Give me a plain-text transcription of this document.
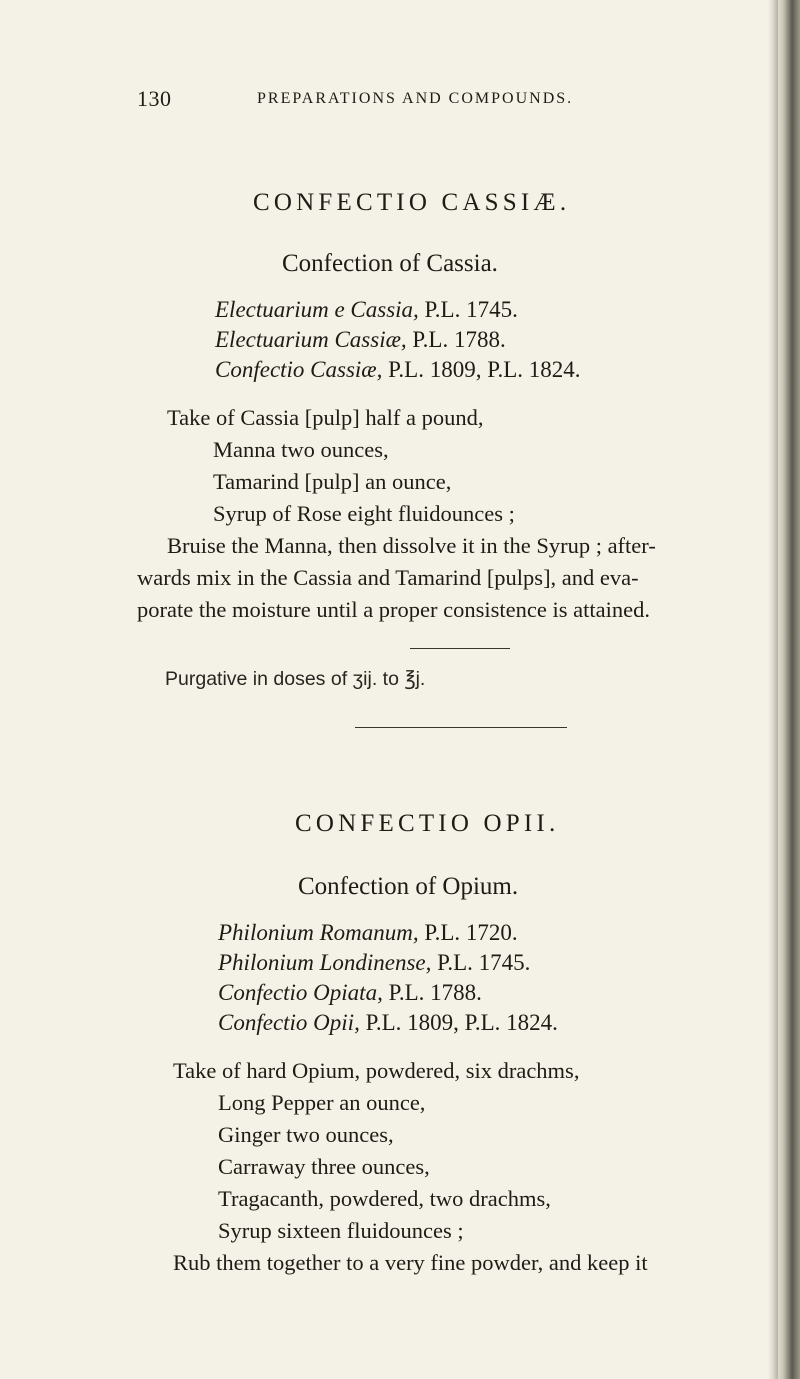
130	PREPARATIONS AND COMPOUNDS.
CONFECTIO CASSIÆ.
Confection of Cassia.
Electuarium e Cassia, P.L. 1745.
Electuarium Cassiæ, P.L. 1788.
Confectio Cassiæ, P.L. 1809, P.L. 1824.
Take of Cassia [pulp] half a pound,
Manna two ounces,
Tamarind [pulp] an ounce,
Syrup of Rose eight fluidounces ;
Bruise the Manna, then dissolve it in the Syrup ; after-
wards mix in the Cassia and Tamarind [pulps], and eva-
porate the moisture until a proper consistence is attained.
Purgative in doses of ʒij. to ℥j.
CONFECTIO OPII.
Confection of Opium.
Philonium Romanum, P.L. 1720.
Philonium Londinense, P.L. 1745.
Confectio Opiata, P.L. 1788.
Confectio Opii, P.L. 1809, P.L. 1824.
Take of hard Opium, powdered, six drachms,
Long Pepper an ounce,
Ginger two ounces,
Carraway three ounces,
Tragacanth, powdered, two drachms,
Syrup sixteen fluidounces ;
Rub them together to a very fine powder, and keep it
